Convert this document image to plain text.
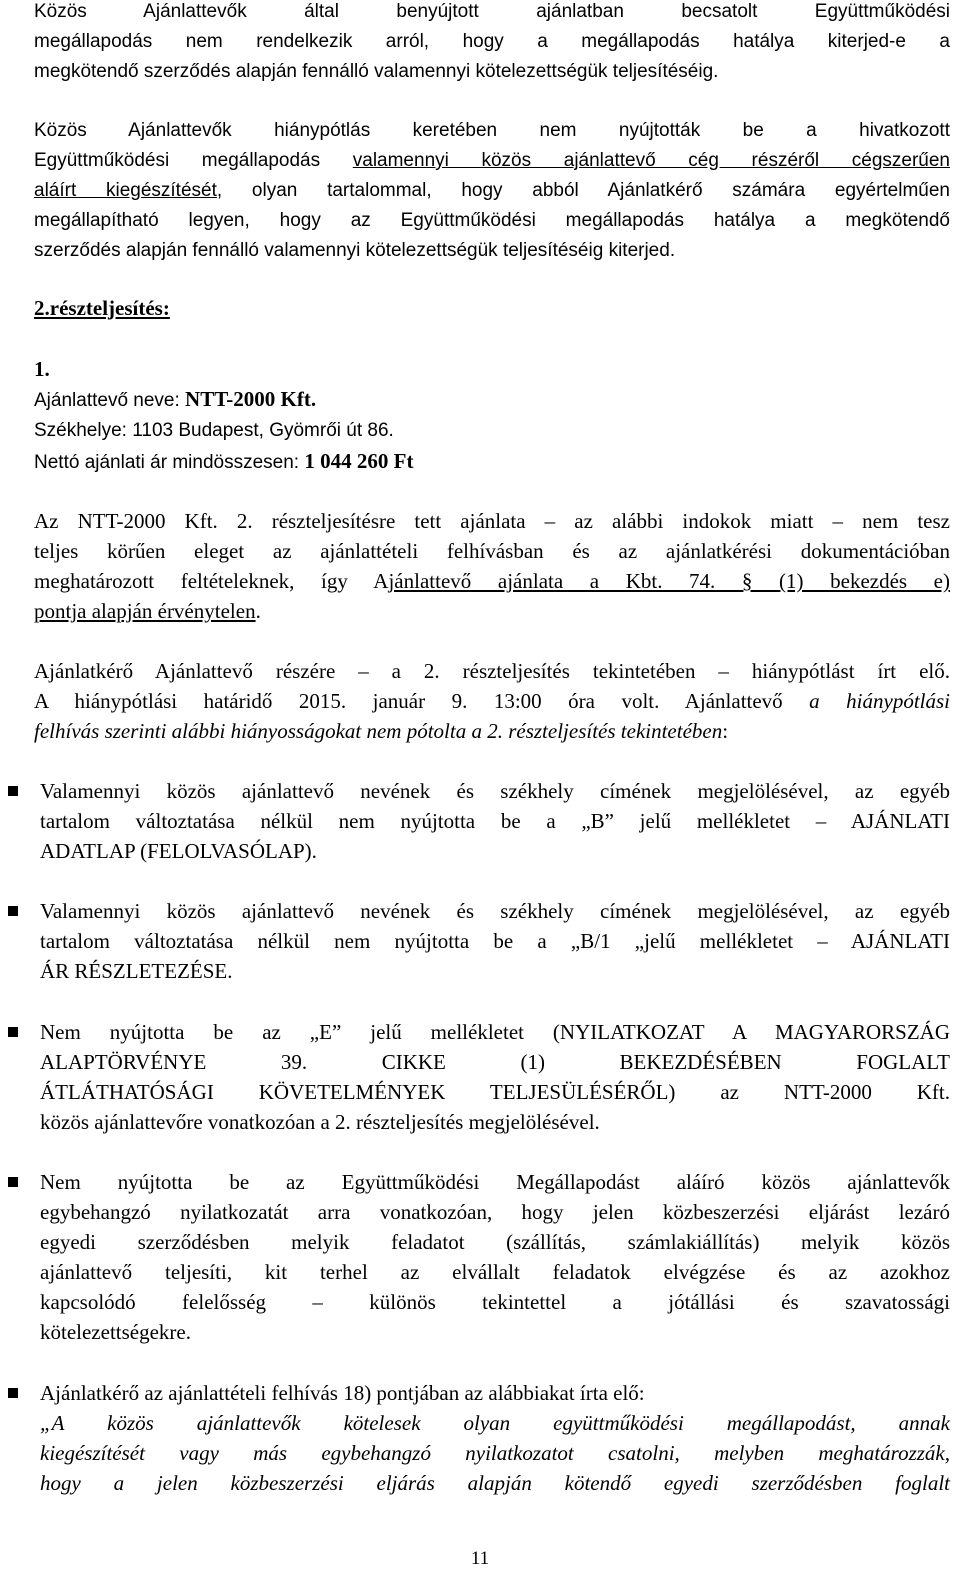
Közös Ajánlattevők által benyújtott ajánlatban becsatolt Együttműködési
megállapodás nem rendelkezik arról, hogy a megállapodás hatálya kiterjed-e a
megkötendő szerződés alapján fennálló valamennyi kötelezettségük teljesítéséig.
Közös Ajánlattevők hiánypótlás keretében nem nyújtották be a hivatkozott
Együttműködési megállapodás valamennyi közös ajánlattevő cég részéről cégszerűen
aláírt kiegészítését, olyan tartalommal, hogy abból Ajánlatkérő számára egyértelműen
megállapítható legyen, hogy az Együttműködési megállapodás hatálya a megkötendő
szerződés alapján fennálló valamennyi kötelezettségük teljesítéséig kiterjed.
2.részteljesítés:
1.
Ajánlattevő neve: NTT-2000 Kft.
Székhelye: 1103 Budapest, Gyömrői út 86.
Nettó ajánlati ár mindösszesen: 1 044 260 Ft
Az NTT-2000 Kft. 2. részteljesítésre tett ajánlata – az alábbi indokok miatt – nem tesz
teljes körűen eleget az ajánlattételi felhívásban és az ajánlatkérési dokumentációban
meghatározott feltételeknek, így Ajánlattevő ajánlata a Kbt. 74. § (1) bekezdés e)
pontja alapján érvénytelen.
Ajánlatkérő Ajánlattevő részére – a 2. részteljesítés tekintetében – hiánypótlást írt elő.
A hiánypótlási határidő 2015. január 9. 13:00 óra volt. Ajánlattevő a hiánypótlási
felhívás szerinti alábbi hiányosságokat nem pótolta a 2. részteljesítés tekintetében:
Valamennyi közös ajánlattevő nevének és székhely címének megjelölésével, az egyéb
tartalom változtatása nélkül nem nyújtotta be a „B” jelű mellékletet – AJÁNLATI
ADATLAP (FELOLVASÓLAP).
Valamennyi közös ajánlattevő nevének és székhely címének megjelölésével, az egyéb
tartalom változtatása nélkül nem nyújtotta be a „B/1 „jelű mellékletet – AJÁNLATI
ÁR RÉSZLETEZÉSE.
Nem nyújtotta be az „E” jelű mellékletet (NYILATKOZAT A MAGYARORSZÁG
ALAPTÖRVÉNYE 39. CIKKE (1) BEKEZDÉSÉBEN FOGLALT
ÁTLÁTHATÓSÁGI KÖVETELMÉNYEK TELJESÜLÉSÉRŐL) az NTT-2000 Kft.
közös ajánlattevőre vonatkozóan a 2. részteljesítés megjelölésével.
Nem nyújtotta be az Együttműködési Megállapodást aláíró közös ajánlattevők
egybehangzó nyilatkozatát arra vonatkozóan, hogy jelen közbeszerzési eljárást lezáró
egyedi szerződésben melyik feladatot (szállítás, számlakiállítás) melyik közös
ajánlattevő teljesíti, kit terhel az elvállalt feladatok elvégzése és az azokhoz
kapcsolódó felelősség – különös tekintettel a jótállási és szavatossági
kötelezettségekre.
Ajánlatkérő az ajánlattételi felhívás 18) pontjában az alábbiakat írta elő:
„A közös ajánlattevők kötelesek olyan együttműködési megállapodást, annak
kiegészítését vagy más egybehangzó nyilatkozatot csatolni, melyben meghatározzák,
hogy a jelen közbeszerzési eljárás alapján kötendő egyedi szerződésben foglalt
11
